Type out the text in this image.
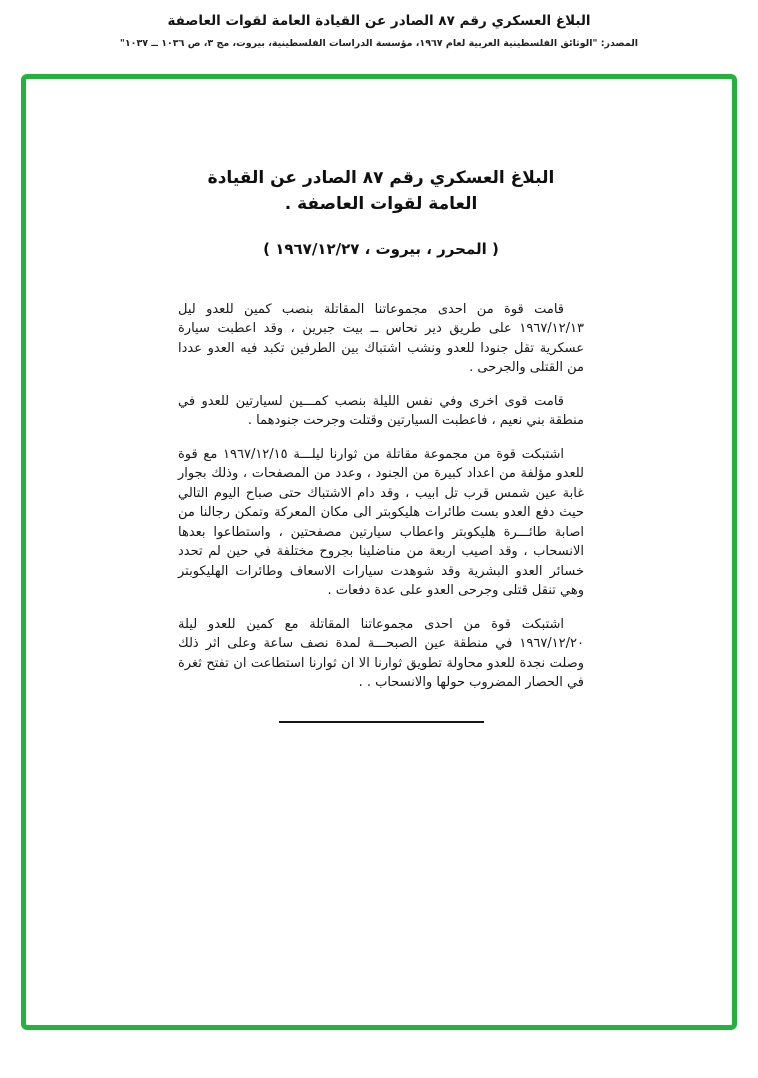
البلاغ العسكري رقم ٨٧ الصادر عن القيادة العامة لقوات العاصفة
المصدر: "الوثائق الفلسطينية العربية لعام ١٩٦٧، مؤسسة الدراسات الفلسطينية، بيروت، مج ٣، ص ١٠٣٦ ــ ١٠٣٧"
البلاغ العسكري رقم ٨٧ الصادر عن القيادة
العامة لقوات العاصفة .
( المحرر ، بيروت ، ١٩٦٧/١٢/٢٧ )

قامت قوة من احدى مجموعاتنا المقاتلة بنصب كمين للعدو ليل ١٩٦٧/١٢/١٣ على طريق دير نحاس ــ بيت جبرين ، وقد اعطبت سيارة عسكرية تقل جنودا للعدو ونشب اشتباك بين الطرفين تكبد فيه العدو عددا من القتلى والجرحى .

قامت قوى اخرى وفي نفس الليلة بنصب كمـــين لسيارتين للعدو في منطقة بني نعيم ، فاعطبت السيارتين وقتلت وجرحت جنودهما .

اشتبكت قوة من مجموعة مقاتلة من ثوارنا ليلـــة ١٩٦٧/١٢/١٥ مع قوة للعدو مؤلفة من اعداد كبيرة من الجنود ، وعدد من المصفحات ، وذلك بجوار غابة عين شمس قرب تل ابيب ، وقد دام الاشتباك حتى صباح اليوم التالي حيث دفع العدو بست طائرات هليكوبتر الى مكان المعركة وتمكن رجالنا من اصابة طائـــرة هليكوبتر واعطاب سيارتين مصفحتين ، واستطاعوا بعدها الانسحاب ، وقد اصيب اربعة من مناضلينا بجروح مختلفة في حين لم تحدد خسائر العدو البشرية وقد شوهدت سيارات الاسعاف وطائرات الهليكوبتر وهي تنقل قتلى وجرحى العدو على عدة دفعات .

اشتبكت قوة من احدى مجموعاتنا المقاتلة مع كمين للعدو ليلة ١٩٦٧/١٢/٢٠ في منطقة عين الصبحـــة لمدة نصف ساعة وعلى اثر ذلك وصلت نجدة للعدو محاولة تطويق ثوارنا الا ان ثوارنا استطاعت ان تفتح ثغرة في الحصار المضروب حولها والانسحاب . .
